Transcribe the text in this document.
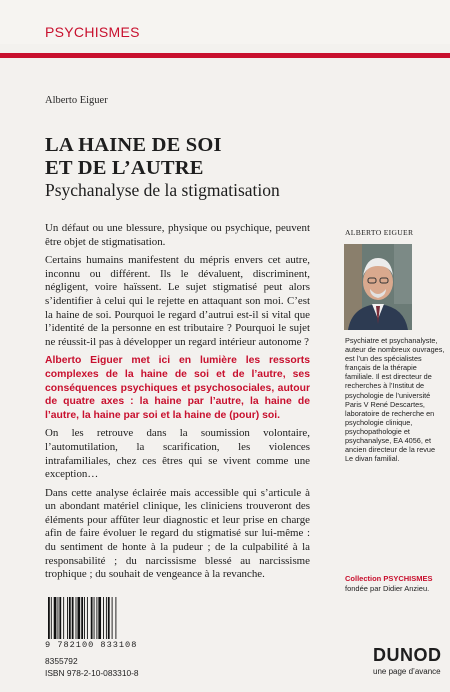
PSYCHISMES
Alberto Eiguer
LA HAINE DE SOI
ET DE L’AUTRE
Psychanalyse de la stigmatisation

Un défaut ou une blessure, physique ou psychique, peuvent être objet de stigmatisation.

Certains humains manifestent du mépris envers cet autre, inconnu ou différent. Ils le dévaluent, discriminent, négligent, voire haïssent. Le sujet stigmatisé peut alors s’identifier à celui qui le rejette en attaquant son moi. C’est la haine de soi. Pourquoi le regard d’autrui est-il si vital que l’identité de la personne en est tributaire ? Pourquoi le sujet ne réussit-il pas à développer un regard intérieur autonome ?

Alberto Eiguer met ici en lumière les ressorts complexes de la haine de soi et de l’autre, ses conséquences psychiques et psychosociales, autour de quatre axes : la haine par l’autre, la haine de l’autre, la haine par soi et la haine de (pour) soi.

On les retrouve dans la soumission volontaire, l’automutilation, la scarification, les violences intrafamiliales, chez ces êtres qui se vivent comme une exception…

Dans cette analyse éclairée mais accessible qui s’articule à un abondant matériel clinique, les cliniciens trouveront des éléments pour affûter leur diagnostic et leur prise en charge afin de faire évoluer le regard du stigmatisé sur lui-même : du sentiment de honte à la pudeur ; de la culpabilité à la responsabilité ; du narcissisme blessé au narcissisme trophique ; du souhait de vengeance à la revanche.

ALBERTO EIGUER
Psychiatre et psychanalyste, auteur de nombreux ouvrages, est l’un des spécialistes français de la thérapie familiale. Il est directeur de recherches à l’Institut de psychologie de l’université Paris V René Descartes, laboratoire de recherche en psychologie clinique, psychopathologie et psychanalyse, EA 4056, et ancien directeur de la revue Le divan familial.
Collection PSYCHISMES
fondée par Didier Anzieu.
9 782100 833108
8355792
ISBN 978-2-10-083310-8
DUNOD
une page d’avance
